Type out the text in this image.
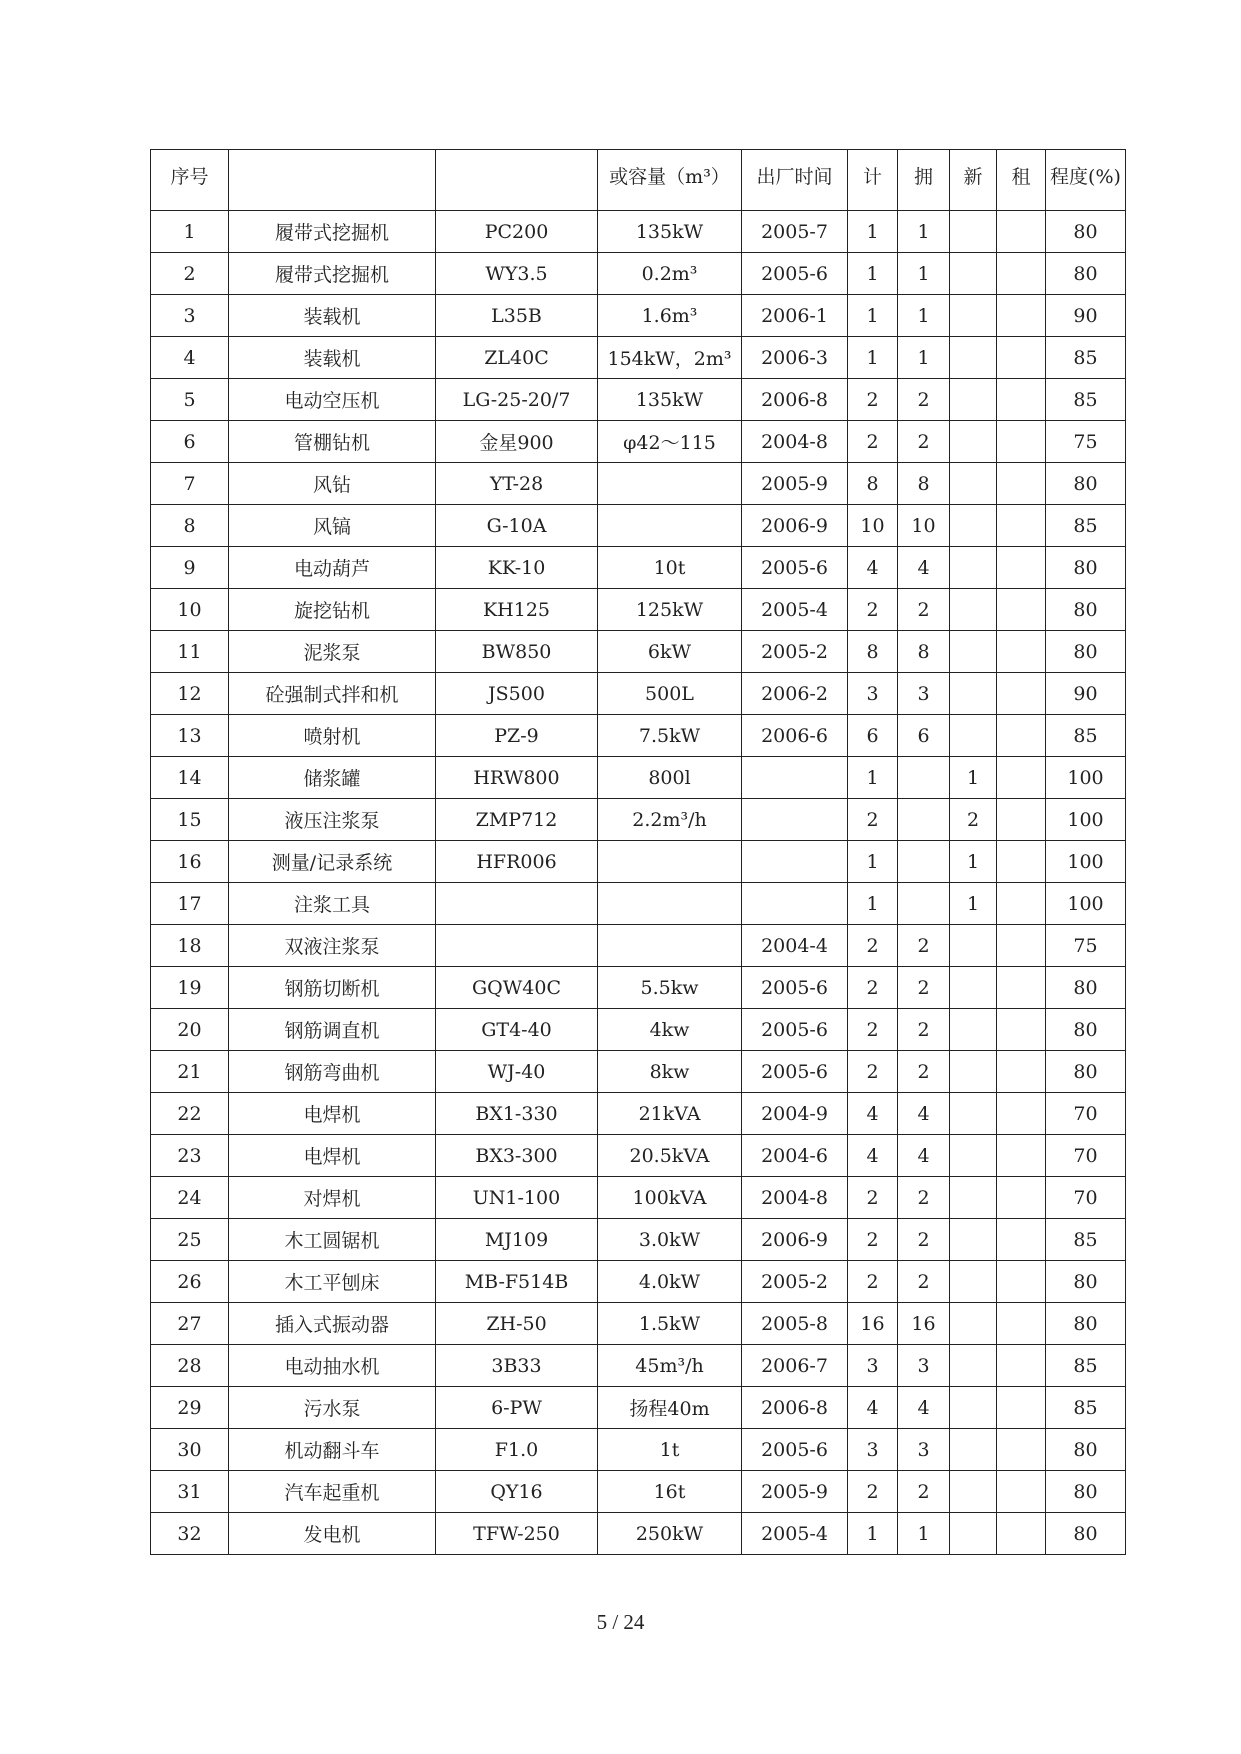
序号			或容量（m³）	出厂时间	计	拥	新	租	程度(%)
1	履带式挖掘机	PC200	135kW	2005-7	1	1			80
2	履带式挖掘机	WY3.5	0.2m³	2005-6	1	1			80
3	装载机	L35B	1.6m³	2006-1	1	1			90
4	装载机	ZL40C	154kW，2m³	2006-3	1	1			85
5	电动空压机	LG-25-20/7	135kW	2006-8	2	2			85
6	管棚钻机	金星900	φ42～115	2004-8	2	2			75
7	风钻	YT-28		2005-9	8	8			80
8	风镐	G-10A		2006-9	10	10			85
9	电动葫芦	KK-10	10t	2005-6	4	4			80
10	旋挖钻机	KH125	125kW	2005-4	2	2			80
11	泥浆泵	BW850	6kW	2005-2	8	8			80
12	砼强制式拌和机	JS500	500L	2006-2	3	3			90
13	喷射机	PZ-9	7.5kW	2006-6	6	6			85
14	储浆罐	HRW800	800l		1		1		100
15	液压注浆泵	ZMP712	2.2m³/h		2		2		100
16	测量/记录系统	HFR006			1		1		100
17	注浆工具				1		1		100
18	双液注浆泵			2004-4	2	2			75
19	钢筋切断机	GQW40C	5.5kw	2005-6	2	2			80
20	钢筋调直机	GT4-40	4kw	2005-6	2	2			80
21	钢筋弯曲机	WJ-40	8kw	2005-6	2	2			80
22	电焊机	BX1-330	21kVA	2004-9	4	4			70
23	电焊机	BX3-300	20.5kVA	2004-6	4	4			70
24	对焊机	UN1-100	100kVA	2004-8	2	2			70
25	木工圆锯机	MJ109	3.0kW	2006-9	2	2			85
26	木工平刨床	MB-F514B	4.0kW	2005-2	2	2			80
27	插入式振动器	ZH-50	1.5kW	2005-8	16	16			80
28	电动抽水机	3B33	45m³/h	2006-7	3	3			85
29	污水泵	6-PW	扬程40m	2006-8	4	4			85
30	机动翻斗车	F1.0	1t	2005-6	3	3			80
31	汽车起重机	QY16	16t	2005-9	2	2			80
32	发电机	TFW-250	250kW	2005-4	1	1			80
5 / 24
